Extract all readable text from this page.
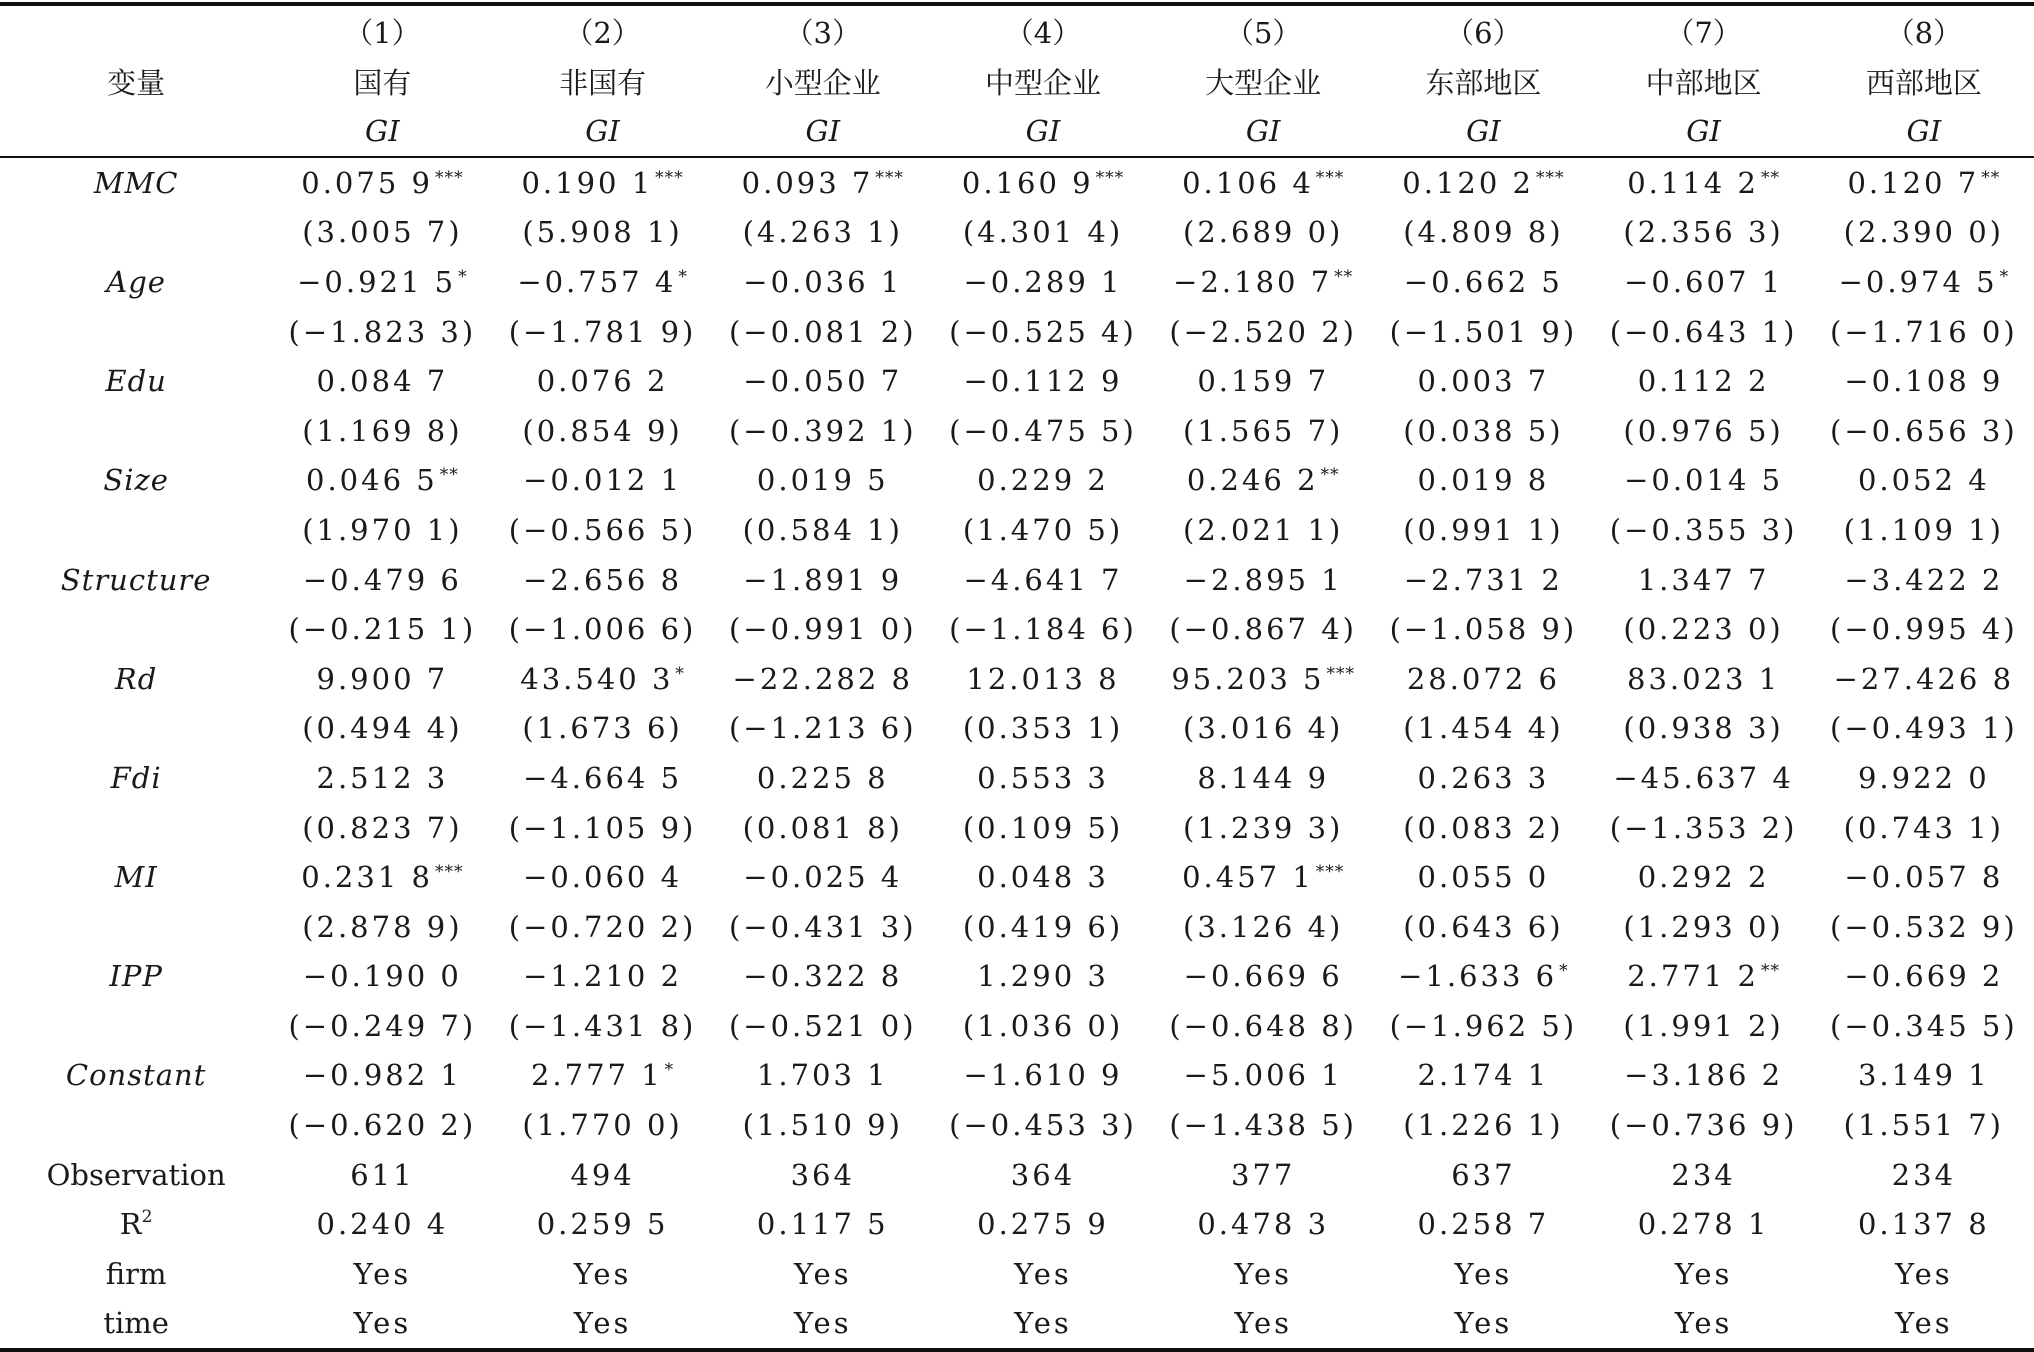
	（1）	（2）	（3）	（4）	（5）	（6）	（7）	（8）
变量	国有	非国有	小型企业	中型企业	大型企业	东部地区	中部地区	西部地区
	GI	GI	GI	GI	GI	GI	GI	GI
MMC	0.075 9 ***	0.190 1 ***	0.093 7 ***	0.160 9 ***	0.106 4 ***	0.120 2 ***	0.114 2 **	0.120 7 **
	(3.005 7)	(5.908 1)	(4.263 1)	(4.301 4)	(2.689 0)	(4.809 8)	(2.356 3)	(2.390 0)
Age	−0.921 5 *	−0.757 4 *	−0.036 1	−0.289 1	−2.180 7 **	−0.662 5	−0.607 1	−0.974 5 *
	(−1.823 3)	(−1.781 9)	(−0.081 2)	(−0.525 4)	(−2.520 2)	(−1.501 9)	(−0.643 1)	(−1.716 0)
Edu	0.084 7	0.076 2	−0.050 7	−0.112 9	0.159 7	0.003 7	0.112 2	−0.108 9
	(1.169 8)	(0.854 9)	(−0.392 1)	(−0.475 5)	(1.565 7)	(0.038 5)	(0.976 5)	(−0.656 3)
Size	0.046 5 **	−0.012 1	0.019 5	0.229 2	0.246 2 **	0.019 8	−0.014 5	0.052 4
	(1.970 1)	(−0.566 5)	(0.584 1)	(1.470 5)	(2.021 1)	(0.991 1)	(−0.355 3)	(1.109 1)
Structure	−0.479 6	−2.656 8	−1.891 9	−4.641 7	−2.895 1	−2.731 2	1.347 7	−3.422 2
	(−0.215 1)	(−1.006 6)	(−0.991 0)	(−1.184 6)	(−0.867 4)	(−1.058 9)	(0.223 0)	(−0.995 4)
Rd	9.900 7	43.540 3 *	−22.282 8	12.013 8	95.203 5 ***	28.072 6	83.023 1	−27.426 8
	(0.494 4)	(1.673 6)	(−1.213 6)	(0.353 1)	(3.016 4)	(1.454 4)	(0.938 3)	(−0.493 1)
Fdi	2.512 3	−4.664 5	0.225 8	0.553 3	8.144 9	0.263 3	−45.637 4	9.922 0
	(0.823 7)	(−1.105 9)	(0.081 8)	(0.109 5)	(1.239 3)	(0.083 2)	(−1.353 2)	(0.743 1)
MI	0.231 8 ***	−0.060 4	−0.025 4	0.048 3	0.457 1 ***	0.055 0	0.292 2	−0.057 8
	(2.878 9)	(−0.720 2)	(−0.431 3)	(0.419 6)	(3.126 4)	(0.643 6)	(1.293 0)	(−0.532 9)
IPP	−0.190 0	−1.210 2	−0.322 8	1.290 3	−0.669 6	−1.633 6 *	2.771 2 **	−0.669 2
	(−0.249 7)	(−1.431 8)	(−0.521 0)	(1.036 0)	(−0.648 8)	(−1.962 5)	(1.991 2)	(−0.345 5)
Constant	−0.982 1	2.777 1 *	1.703 1	−1.610 9	−5.006 1	2.174 1	−3.186 2	3.149 1
	(−0.620 2)	(1.770 0)	(1.510 9)	(−0.453 3)	(−1.438 5)	(1.226 1)	(−0.736 9)	(1.551 7)
Observation	611	494	364	364	377	637	234	234
$R^2$	0.240 4	0.259 5	0.117 5	0.275 9	0.478 3	0.258 7	0.278 1	0.137 8
firm	Yes	Yes	Yes	Yes	Yes	Yes	Yes	Yes
time	Yes	Yes	Yes	Yes	Yes	Yes	Yes	Yes
